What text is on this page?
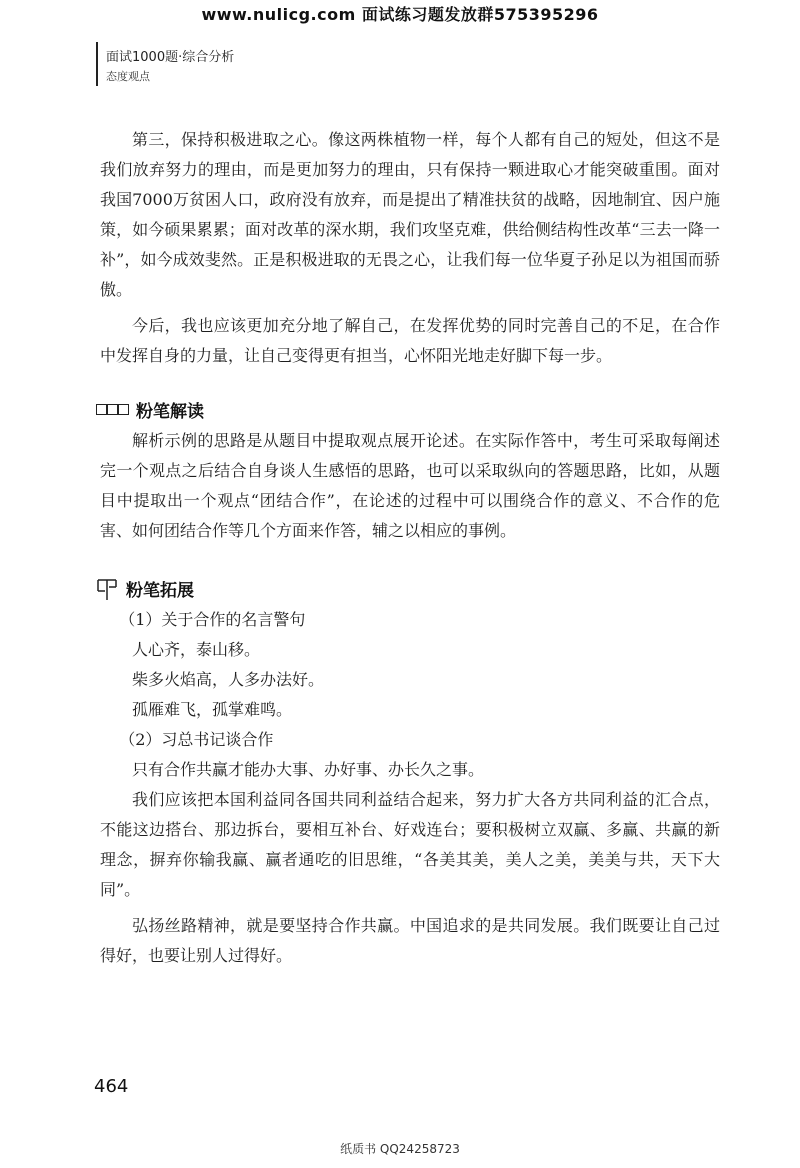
www.nulicg.com 面试练习题发放群575395296
面试1000题·综合分析
态度观点

第三，保持积极进取之心。像这两株植物一样，每个人都有自己的短处，但这不是我们放弃努力的理由，而是更加努力的理由，只有保持一颗进取心才能突破重围。面对我国7000万贫困人口，政府没有放弃，而是提出了精准扶贫的战略，因地制宜、因户施策，如今硕果累累；面对改革的深水期，我们攻坚克难，供给侧结构性改革“三去一降一补”，如今成效斐然。正是积极进取的无畏之心，让我们每一位华夏子孙足以为祖国而骄傲。

今后，我也应该更加充分地了解自己，在发挥优势的同时完善自己的不足，在合作中发挥自身的力量，让自己变得更有担当，心怀阳光地走好脚下每一步。

粉笔解读

解析示例的思路是从题目中提取观点展开论述。在实际作答中，考生可采取每阐述完一个观点之后结合自身谈人生感悟的思路，也可以采取纵向的答题思路，比如，从题目中提取出一个观点“团结合作”，在论述的过程中可以围绕合作的意义、不合作的危害、如何团结合作等几个方面来作答，辅之以相应的事例。

粉笔拓展

（1）关于合作的名言警句

人心齐，泰山移。

柴多火焰高，人多办法好。

孤雁难飞，孤掌难鸣。

（2）习总书记谈合作

只有合作共赢才能办大事、办好事、办长久之事。

我们应该把本国利益同各国共同利益结合起来，努力扩大各方共同利益的汇合点，不能这边搭台、那边拆台，要相互补台、好戏连台；要积极树立双赢、多赢、共赢的新理念，摒弃你输我赢、赢者通吃的旧思维，“各美其美，美人之美，美美与共，天下大同”。

弘扬丝路精神，就是要坚持合作共赢。中国追求的是共同发展。我们既要让自己过得好，也要让别人过得好。

464
纸质书 QQ24258723
